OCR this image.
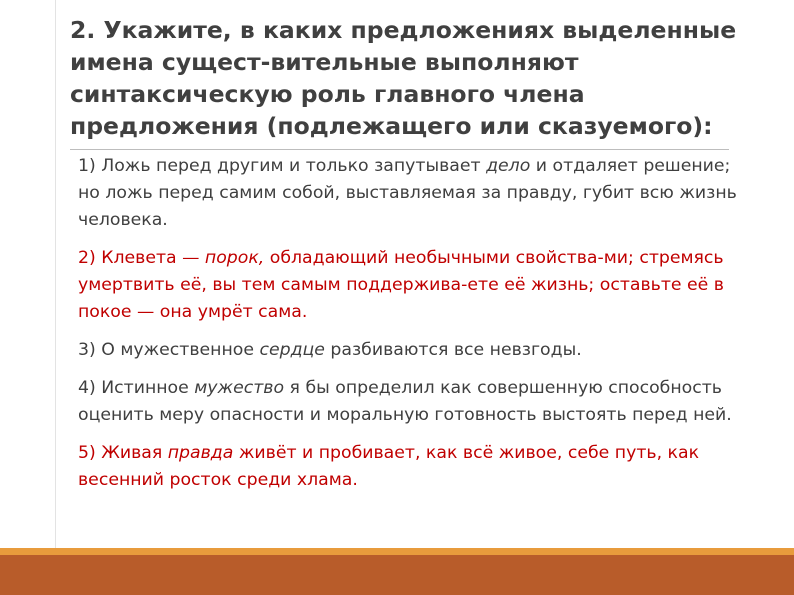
2. Укажите, в каких предложениях выделенные имена сущест-вительные выполняют синтаксическую роль главного члена предложения (подлежащего или сказуемого):

1) Ложь перед другим и только запутывает дело и отдаляет решение; но ложь перед самим собой, выставляемая за правду, губит всю жизнь человека.

2) Клевета — порок, обладающий необычными свойства-ми; стремясь умертвить её, вы тем самым поддержива-ете её жизнь; оставьте её в покое — она умрёт сама.

3) О мужественное сердце разбиваются все невзгоды.

4) Истинное мужество я бы определил как совершенную способность оценить меру опасности и моральную готовность выстоять перед ней.

5) Живая правда живёт и пробивает, как всё живое, себе путь, как весенний росток среди хлама.
